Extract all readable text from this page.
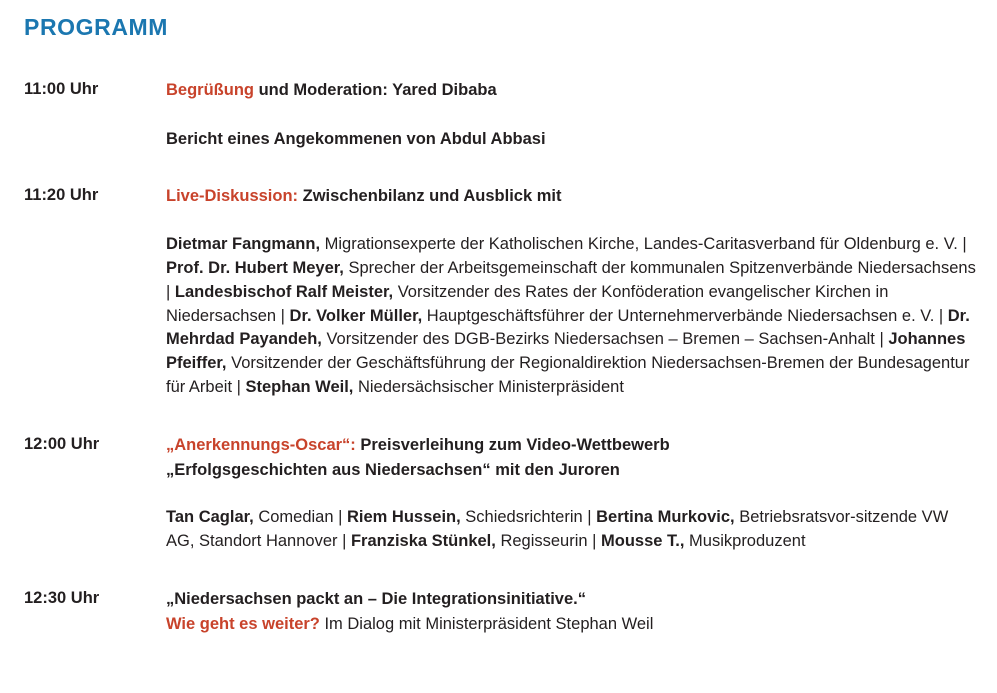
PROGRAMM
11:00 Uhr	Begrüßung und Moderation: Yared Dibaba
Bericht eines Angekommenen von Abdul Abbasi
11:20 Uhr	Live-Diskussion: Zwischenbilanz und Ausblick mit
Dietmar Fangmann, Migrationsexperte der Katholischen Kirche, Landes-Caritasverband für Oldenburg e. V. | Prof. Dr. Hubert Meyer, Sprecher der Arbeitsgemeinschaft der kommunalen Spitzenverbände Niedersachsens | Landesbischof Ralf Meister, Vorsitzender des Rates der Konföderation evangelischer Kirchen in Niedersachsen | Dr. Volker Müller, Hauptgeschäftsführer der Unternehmerverbände Niedersachsen e. V. | Dr. Mehrdad Payandeh, Vorsitzender des DGB-Bezirks Niedersachsen – Bremen – Sachsen-Anhalt | Johannes Pfeiffer, Vorsitzender der Geschäftsführung der Regionaldirektion Niedersachsen-Bremen der Bundesagentur für Arbeit | Stephan Weil, Niedersächsischer Ministerpräsident
12:00 Uhr	„Anerkennungs-Oscar“: Preisverleihung zum Video-Wettbewerb
„Erfolgsgeschichten aus Niedersachsen“ mit den Juroren
Tan Caglar, Comedian | Riem Hussein, Schiedsrichterin | Bertina Murkovic, Betriebsratsvor-sitzende VW AG, Standort Hannover | Franziska Stünkel, Regisseurin | Mousse T., Musikproduzent
12:30 Uhr	„Niedersachsen packt an – Die Integrationsinitiative.“
Wie geht es weiter? Im Dialog mit Ministerpräsident Stephan Weil
